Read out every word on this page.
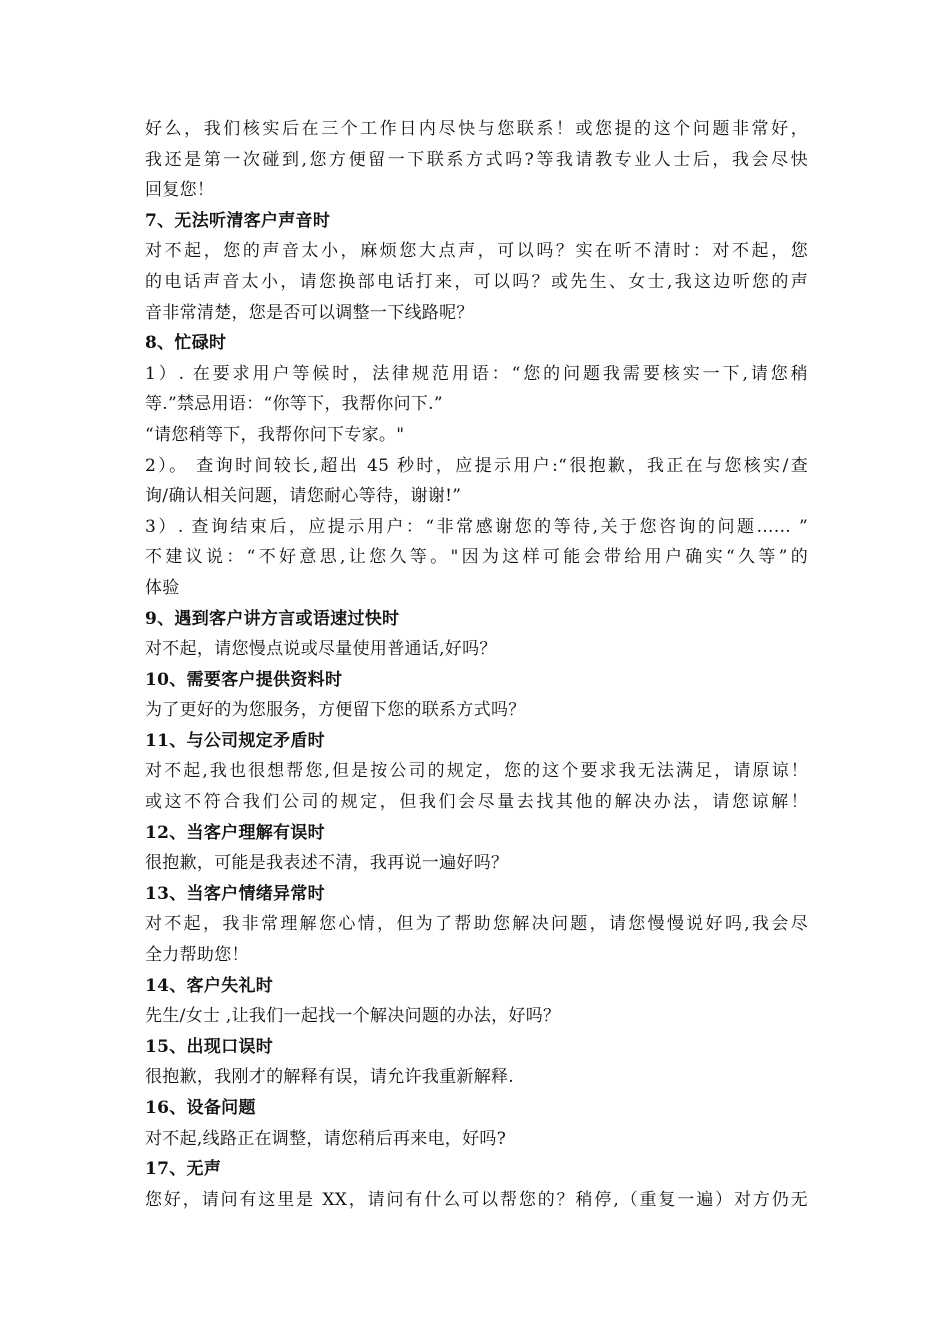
好么，我们核实后在三个工作日内尽快与您联系！或您提的这个问题非常好，
我还是第一次碰到,您方便留一下联系方式吗?等我请教专业人士后，我会尽快
回复您！
7、无法听清客户声音时
对不起，您的声音太小，麻烦您大点声，可以吗？实在听不清时：对不起，您
的电话声音太小，请您换部电话打来，可以吗？或先生、女士,我这边听您的声
音非常清楚，您是否可以调整一下线路呢？
8、忙碌时
1）. 在要求用户等候时，法律规范用语：“您的问题我需要核实一下,请您稍
等.”禁忌用语：“你等下，我帮你问下.”
“请您稍等下，我帮你问下专家。"
2）。 查询时间较长,超出 45 秒时，应提示用户:“很抱歉，我正在与您核实/查
询/确认相关问题，请您耐心等待，谢谢!”
3）. 查询结束后，应提示用户：“非常感谢您的等待,关于您咨询的问题…… ”
不建议说：“不好意思,让您久等。"因为这样可能会带给用户确实“久等”的
体验
9、遇到客户讲方言或语速过快时
对不起，请您慢点说或尽量使用普通话,好吗？
10、需要客户提供资料时
为了更好的为您服务，方便留下您的联系方式吗？
11、与公司规定矛盾时
对不起,我也很想帮您,但是按公司的规定，您的这个要求我无法满足，请原谅！
或这不符合我们公司的规定，但我们会尽量去找其他的解决办法，请您谅解！
12、当客户理解有误时
很抱歉，可能是我表述不清，我再说一遍好吗？
13、当客户情绪异常时
对不起，我非常理解您心情，但为了帮助您解决问题，请您慢慢说好吗,我会尽
全力帮助您！
14、客户失礼时
先生/女士 ,让我们一起找一个解决问题的办法，好吗？
15、出现口误时
很抱歉，我刚才的解释有误，请允许我重新解释.
16、设备问题
对不起,线路正在调整，请您稍后再来电，好吗?
17、无声
您好，请问有这里是 XX，请问有什么可以帮您的？稍停,（重复一遍）对方仍无
